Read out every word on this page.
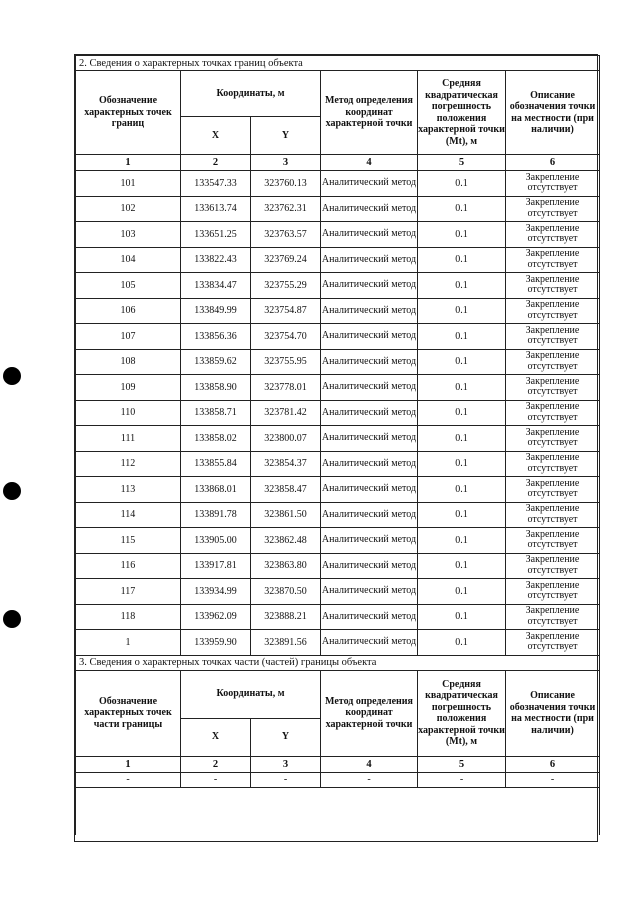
2. Сведения о характерных точках границ объекта					
Обозначение характерных точек границ	Координаты, м		Метод определения координат характерной точки	Средняя квадратическая погрешность положения характерной точки (Mt), м	Описание обозначения точки на местности (при наличии)
	X	Y			
1	2	3	4	5	6
101	133547.33	323760.13	Аналитический метод	0.1	Закрепление отсутствует
102	133613.74	323762.31	Аналитический метод	0.1	Закрепление отсутствует
103	133651.25	323763.57	Аналитический метод	0.1	Закрепление отсутствует
104	133822.43	323769.24	Аналитический метод	0.1	Закрепление отсутствует
105	133834.47	323755.29	Аналитический метод	0.1	Закрепление отсутствует
106	133849.99	323754.87	Аналитический метод	0.1	Закрепление отсутствует
107	133856.36	323754.70	Аналитический метод	0.1	Закрепление отсутствует
108	133859.62	323755.95	Аналитический метод	0.1	Закрепление отсутствует
109	133858.90	323778.01	Аналитический метод	0.1	Закрепление отсутствует
110	133858.71	323781.42	Аналитический метод	0.1	Закрепление отсутствует
111	133858.02	323800.07	Аналитический метод	0.1	Закрепление отсутствует
112	133855.84	323854.37	Аналитический метод	0.1	Закрепление отсутствует
113	133868.01	323858.47	Аналитический метод	0.1	Закрепление отсутствует
114	133891.78	323861.50	Аналитический метод	0.1	Закрепление отсутствует
115	133905.00	323862.48	Аналитический метод	0.1	Закрепление отсутствует
116	133917.81	323863.80	Аналитический метод	0.1	Закрепление отсутствует
117	133934.99	323870.50	Аналитический метод	0.1	Закрепление отсутствует
118	133962.09	323888.21	Аналитический метод	0.1	Закрепление отсутствует
1	133959.90	323891.56	Аналитический метод	0.1	Закрепление отсутствует
3. Сведения о характерных точках части (частей) границы объекта					
Обозначение характерных точек части границы	Координаты, м		Метод определения координат характерной точки	Средняя квадратическая погрешность положения характерной точки (Mt), м	Описание обозначения точки на местности (при наличии)
	X	Y			
1	2	3	4	5	6
-	-	-	-	-	-
